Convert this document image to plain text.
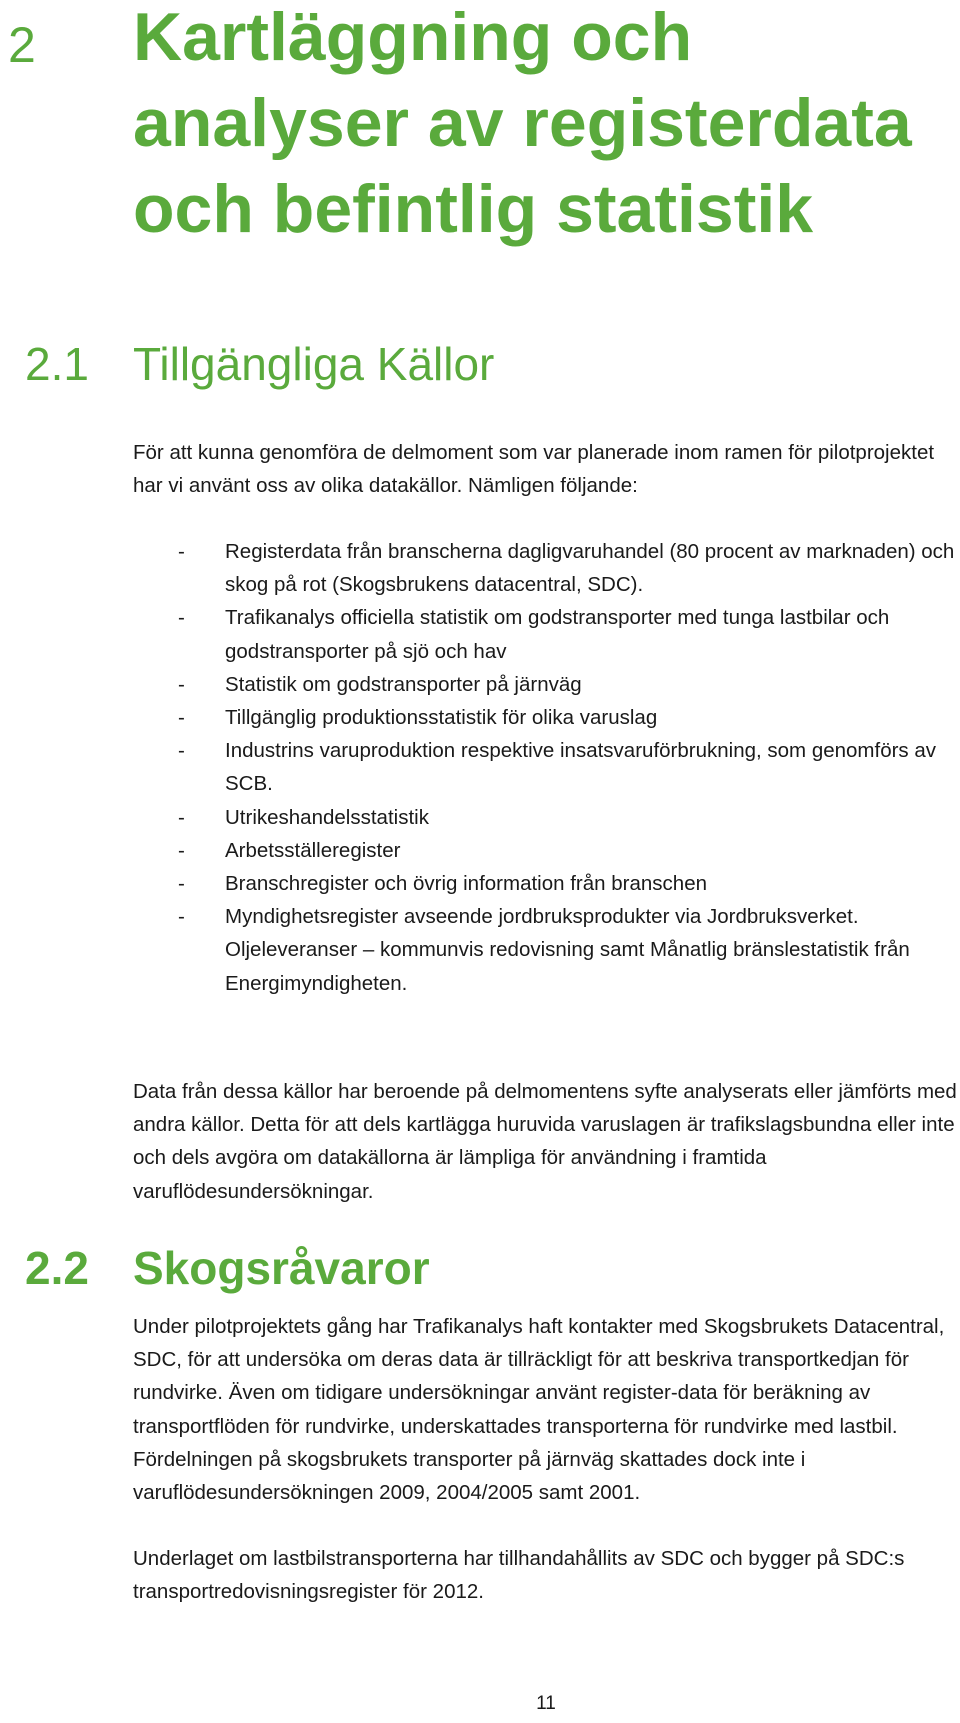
2 Kartläggning och analyser av registerdata och befintlig statistik
2.1 Tillgängliga Källor

För att kunna genomföra de delmoment som var planerade inom ramen för pilotprojektet har vi använt oss av olika datakällor. Nämligen följande:

- Registerdata från branscherna dagligvaruhandel (80 procent av marknaden) och skog på rot (Skogsbrukens datacentral, SDC).
- Trafikanalys officiella statistik om godstransporter med tunga lastbilar och godstransporter på sjö och hav
- Statistik om godstransporter på järnväg
- Tillgänglig produktionsstatistik för olika varuslag
- Industrins varuproduktion respektive insatsvaruförbrukning, som genomförs av SCB.
- Utrikeshandelsstatistik
- Arbetsställeregister
- Branschregister och övrig information från branschen
- Myndighetsregister avseende jordbruksprodukter via Jordbruksverket. Oljeleveranser – kommunvis redovisning samt Månatlig bränslestatistik från Energimyndigheten.

Data från dessa källor har beroende på delmomentens syfte analyserats eller jämförts med andra källor. Detta för att dels kartlägga huruvida varuslagen är trafikslagsbundna eller inte och dels avgöra om datakällorna är lämpliga för användning i framtida varuflödesundersökningar.

2.2 Skogsråvaror

Under pilotprojektets gång har Trafikanalys haft kontakter med Skogsbrukets Datacentral, SDC, för att undersöka om deras data är tillräckligt för att beskriva transportkedjan för rundvirke. Även om tidigare undersökningar använt register-data för beräkning av transportflöden för rundvirke, underskattades transporterna för rundvirke med lastbil. Fördelningen på skogsbrukets transporter på järnväg skattades dock inte i varuflödesundersökningen 2009, 2004/2005 samt 2001.

Underlaget om lastbilstransporterna har tillhandahållits av SDC och bygger på SDC:s transportredovisningsregister för 2012.

11
